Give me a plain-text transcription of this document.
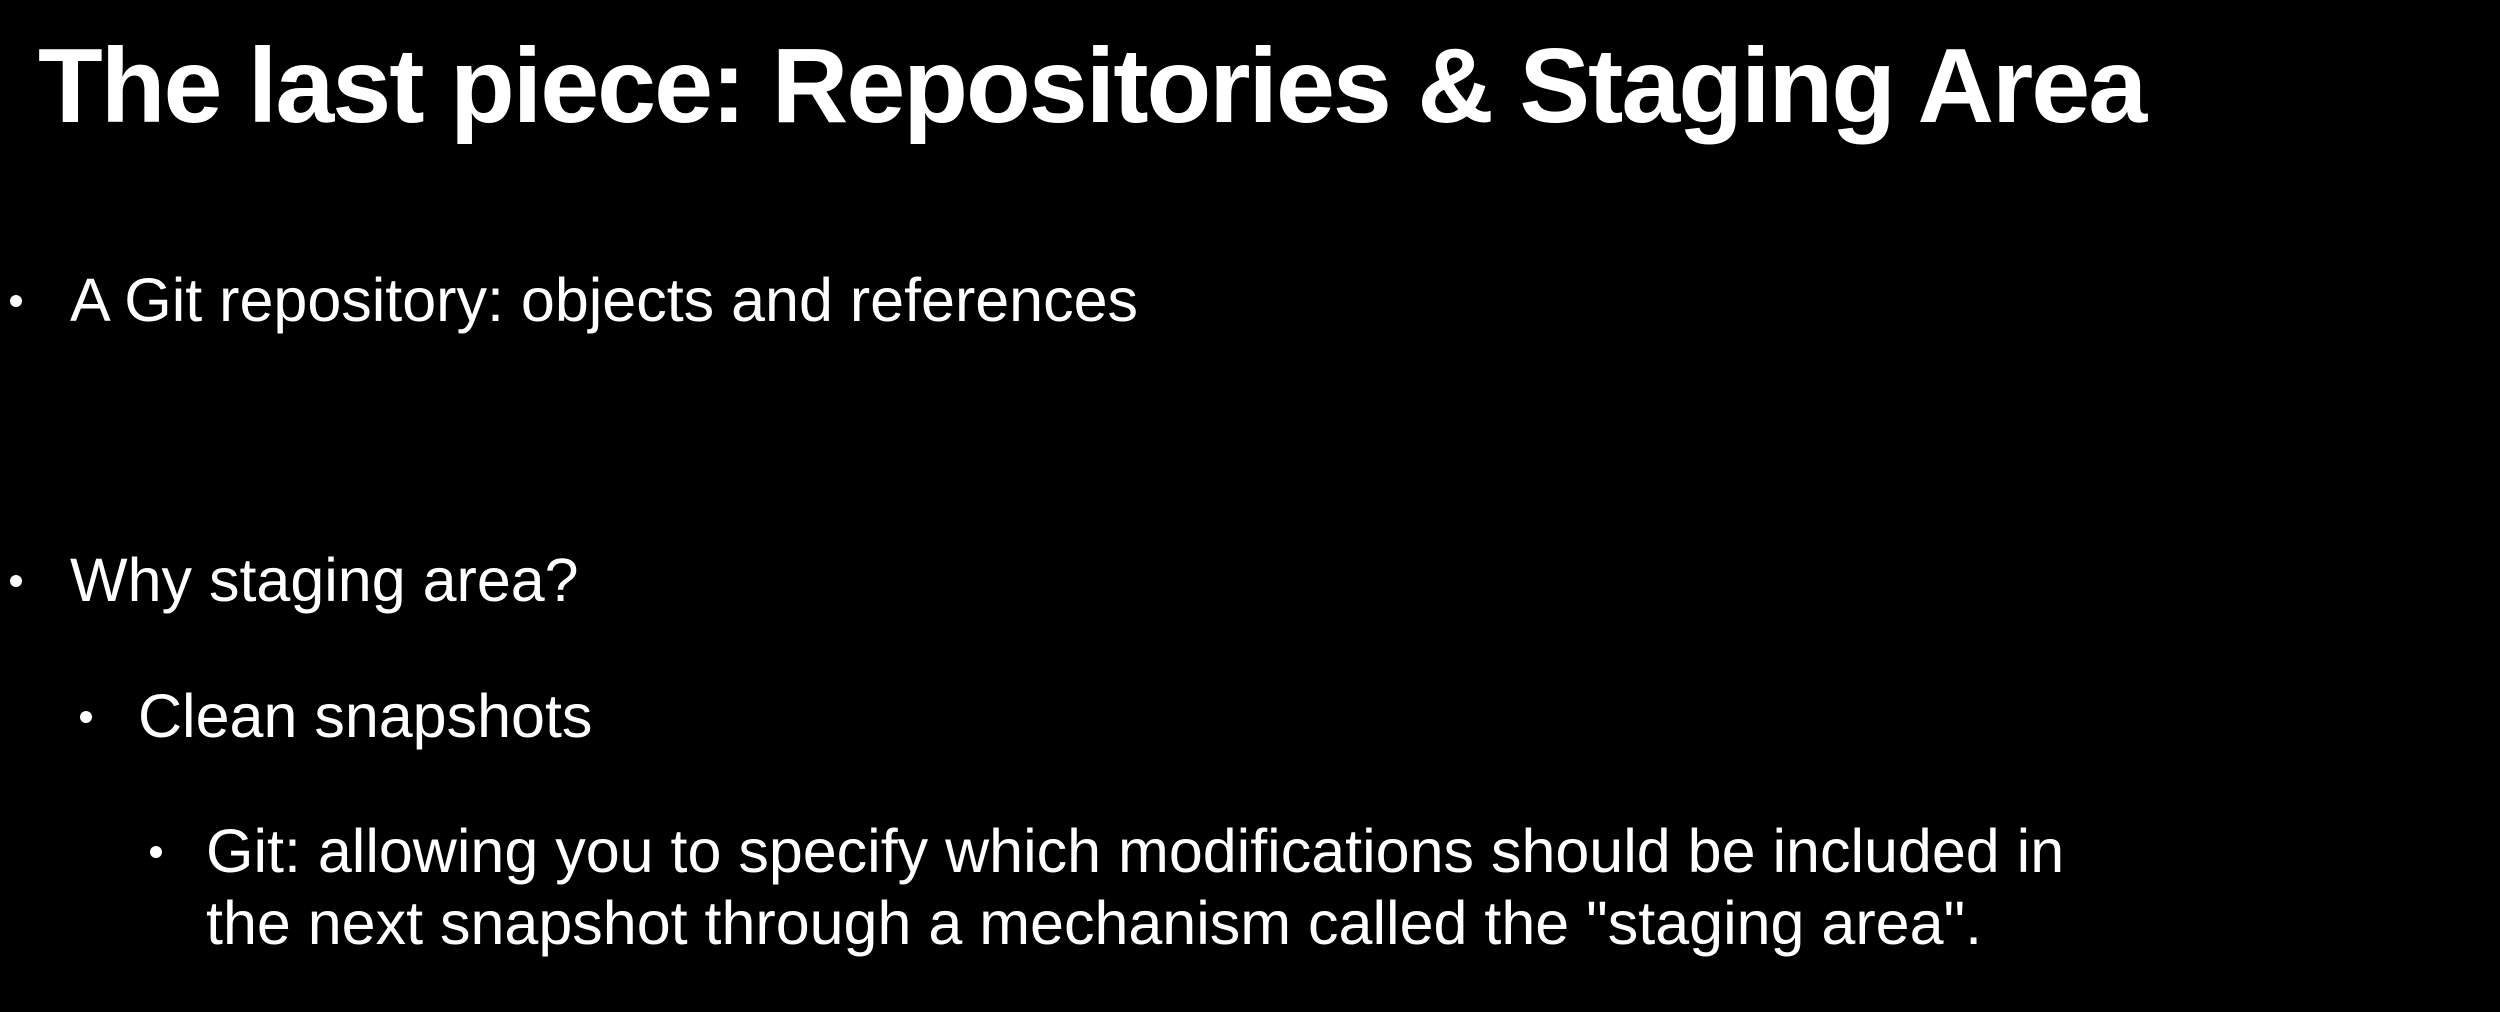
The last piece: Repositories & Staging Area
A Git repository: objects and references
Why staging area?
Clean snapshots
Git: allowing you to specify which modifications should be included in
the next snapshot through a mechanism called the "staging area".
